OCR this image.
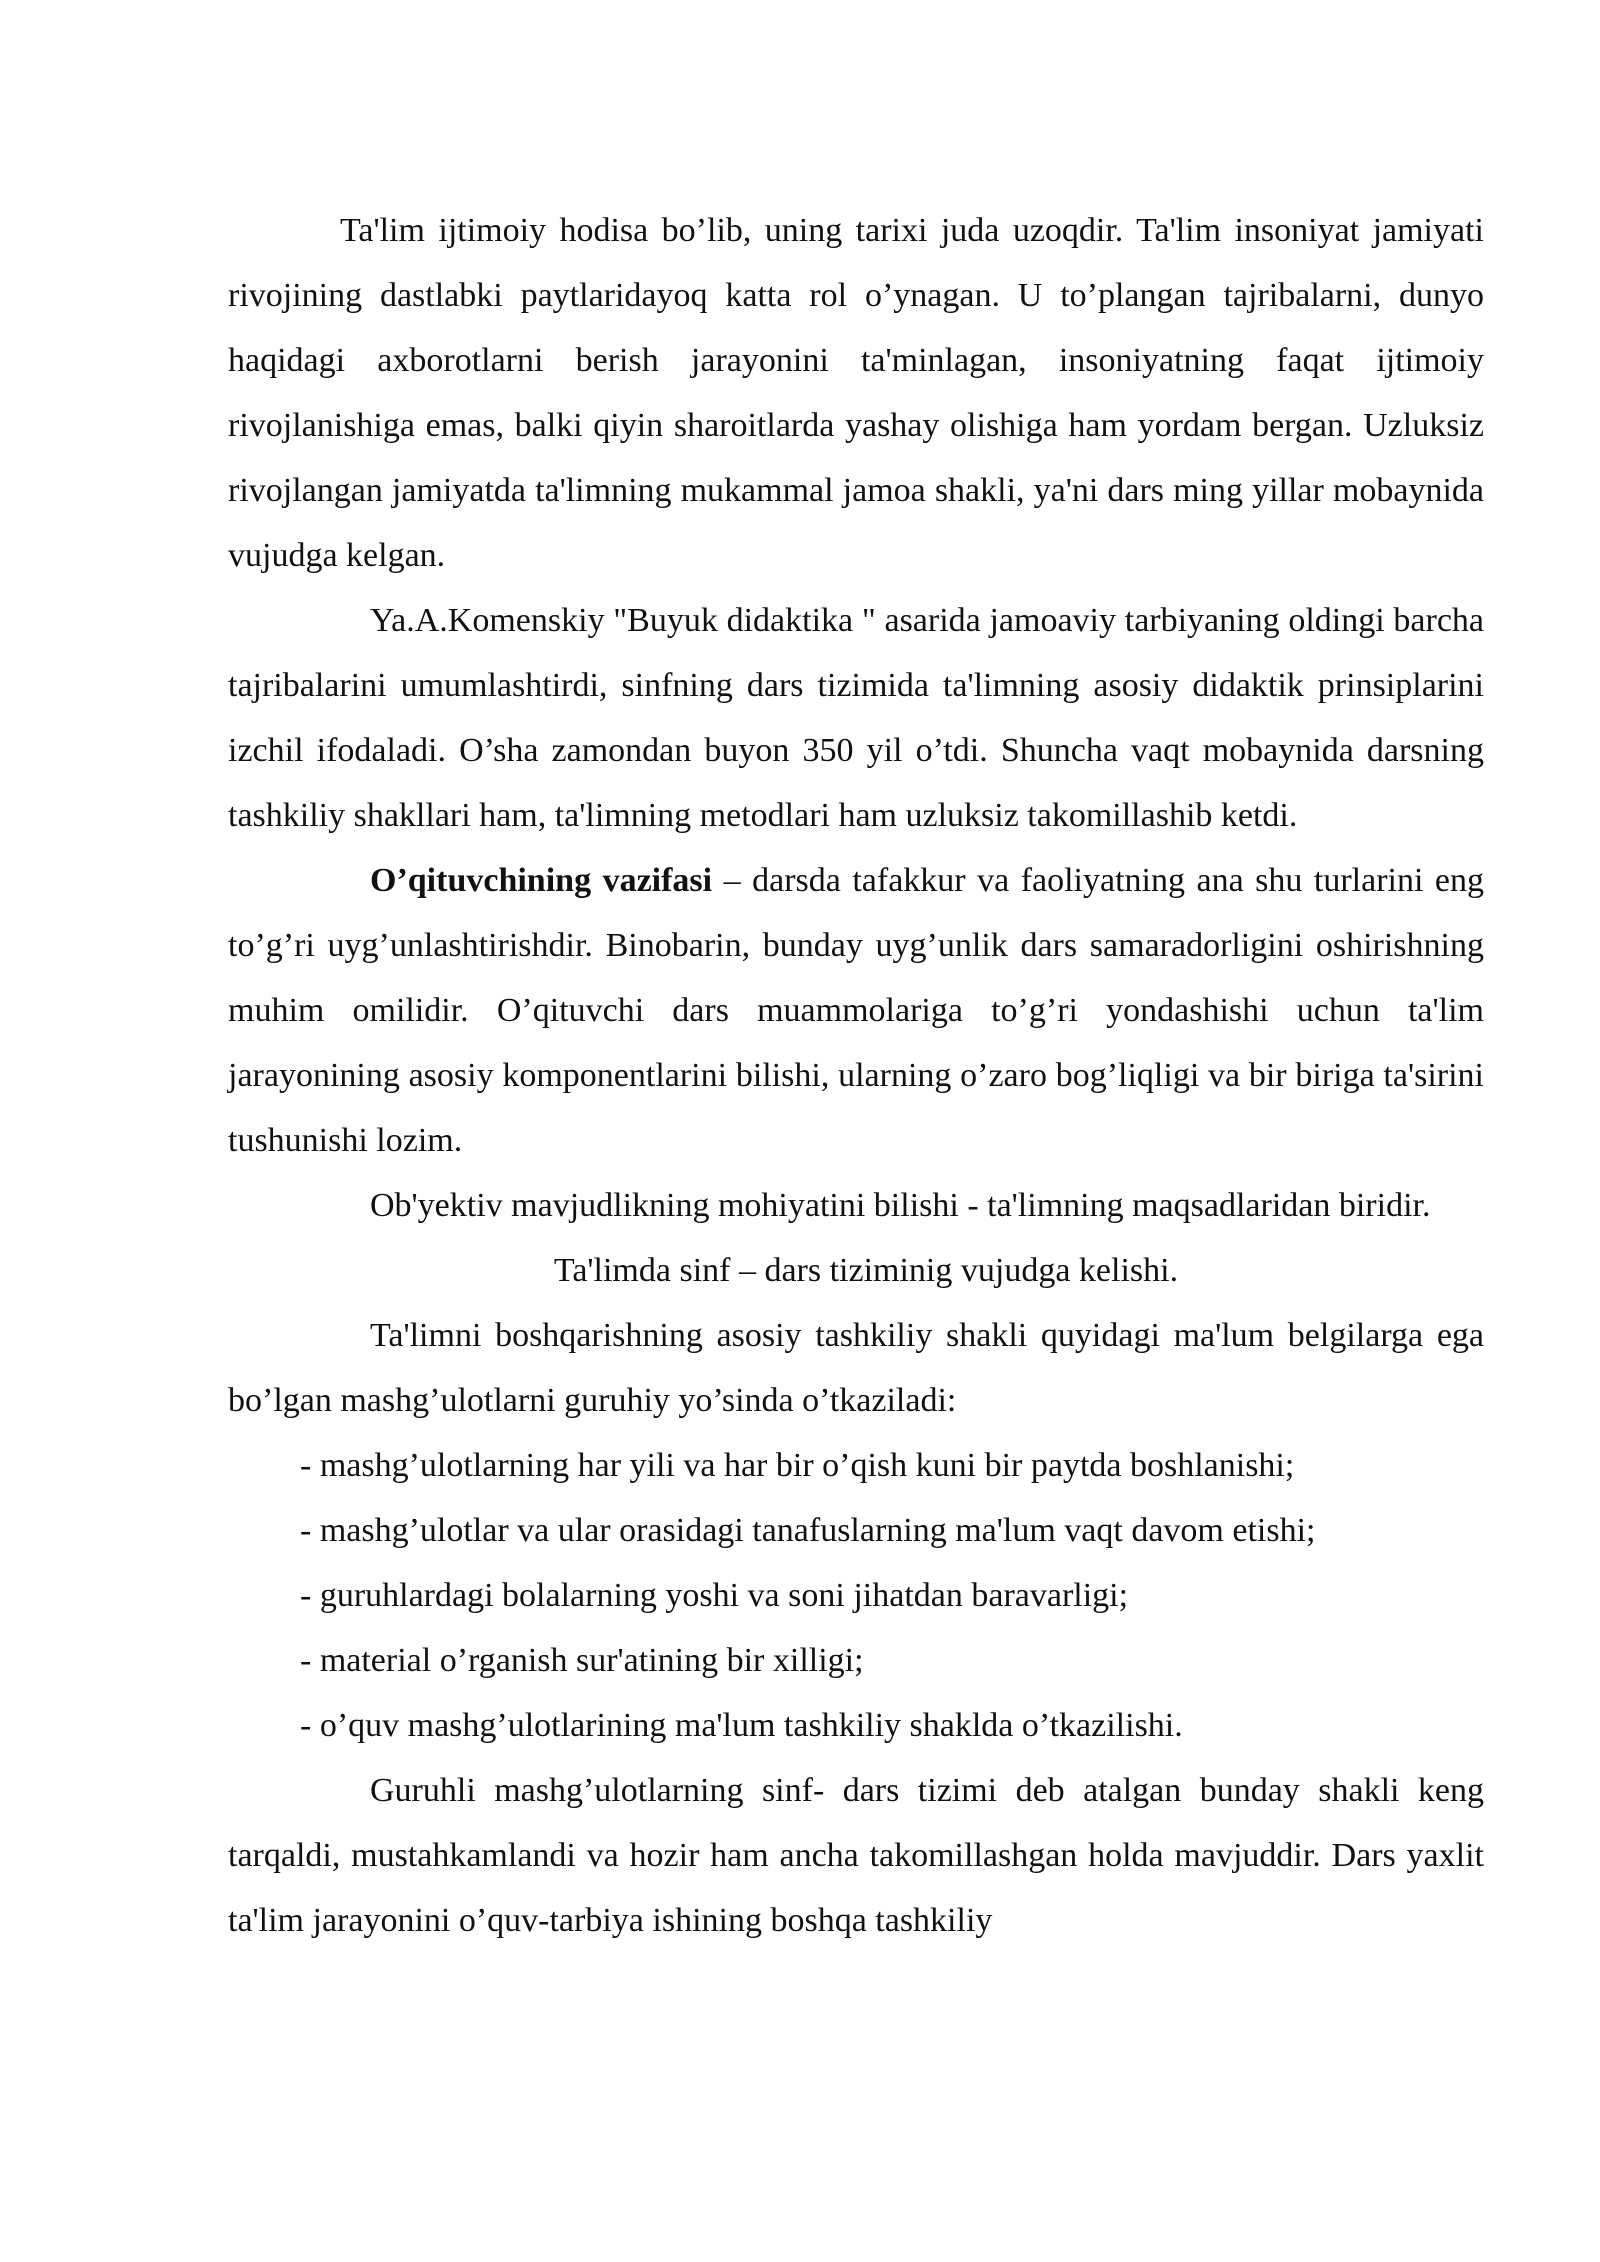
Ta'lim ijtimoiy hodisa bo’lib, uning tarixi juda uzoqdir. Ta'lim insoniyat jamiyati rivojining dastlabki paytlaridayoq katta rol o’ynagan. U to’plangan tajribalarni, dunyo haqidagi axborotlarni berish jarayonini ta'minlagan, insoniyatning faqat ijtimoiy rivojlanishiga emas, balki qiyin sharoitlarda yashay olishiga ham yordam bergan. Uzluksiz rivojlangan jamiyatda ta'limning mukammal jamoa shakli, ya'ni dars ming yillar mobaynida vujudga kelgan.

Ya.A.Komenskiy "Buyuk didaktika " asarida jamoaviy tarbiyaning oldingi barcha tajribalarini umumlashtirdi, sinfning dars tizimida ta'limning asosiy didaktik prinsiplarini izchil ifodaladi. O’sha zamondan buyon 350 yil o’tdi. Shuncha vaqt mobaynida darsning tashkiliy shakllari ham, ta'limning metodlari ham uzluksiz takomillashib ketdi.

O’qituvchining vazifasi – darsda tafakkur va faoliyatning ana shu turlarini eng to’g’ri uyg’unlashtirishdir. Binobarin, bunday uyg’unlik dars samaradorligini oshirishning muhim omilidir. O’qituvchi dars muammolariga to’g’ri yondashishi uchun ta'lim jarayonining asosiy komponentlarini bilishi, ularning o’zaro bog’liqligi va bir biriga ta'sirini tushunishi lozim.

Ob'yektiv mavjudlikning mohiyatini bilishi - ta'limning maqsadlaridan biridir.

Ta'limda sinf – dars tiziminig vujudga kelishi.

Ta'limni boshqarishning asosiy tashkiliy shakli quyidagi ma'lum belgilarga ega bo’lgan mashg’ulotlarni guruhiy yo’sinda o’tkaziladi:

- mashg’ulotlarning har yili va har bir o’qish kuni bir paytda boshlanishi;
- mashg’ulotlar va ular orasidagi tanafuslarning ma'lum vaqt davom etishi;
- guruhlardagi bolalarning yoshi va soni jihatdan baravarligi;
- material o’rganish sur'atining bir xilligi;
- o’quv mashg’ulotlarining ma'lum tashkiliy shaklda o’tkazilishi.

Guruhli mashg’ulotlarning sinf- dars tizimi deb atalgan bunday shakli keng tarqaldi, mustahkamlandi va hozir ham ancha takomillashgan holda mavjuddir. Dars yaxlit ta'lim jarayonini o’quv-tarbiya ishining boshqa tashkiliy
